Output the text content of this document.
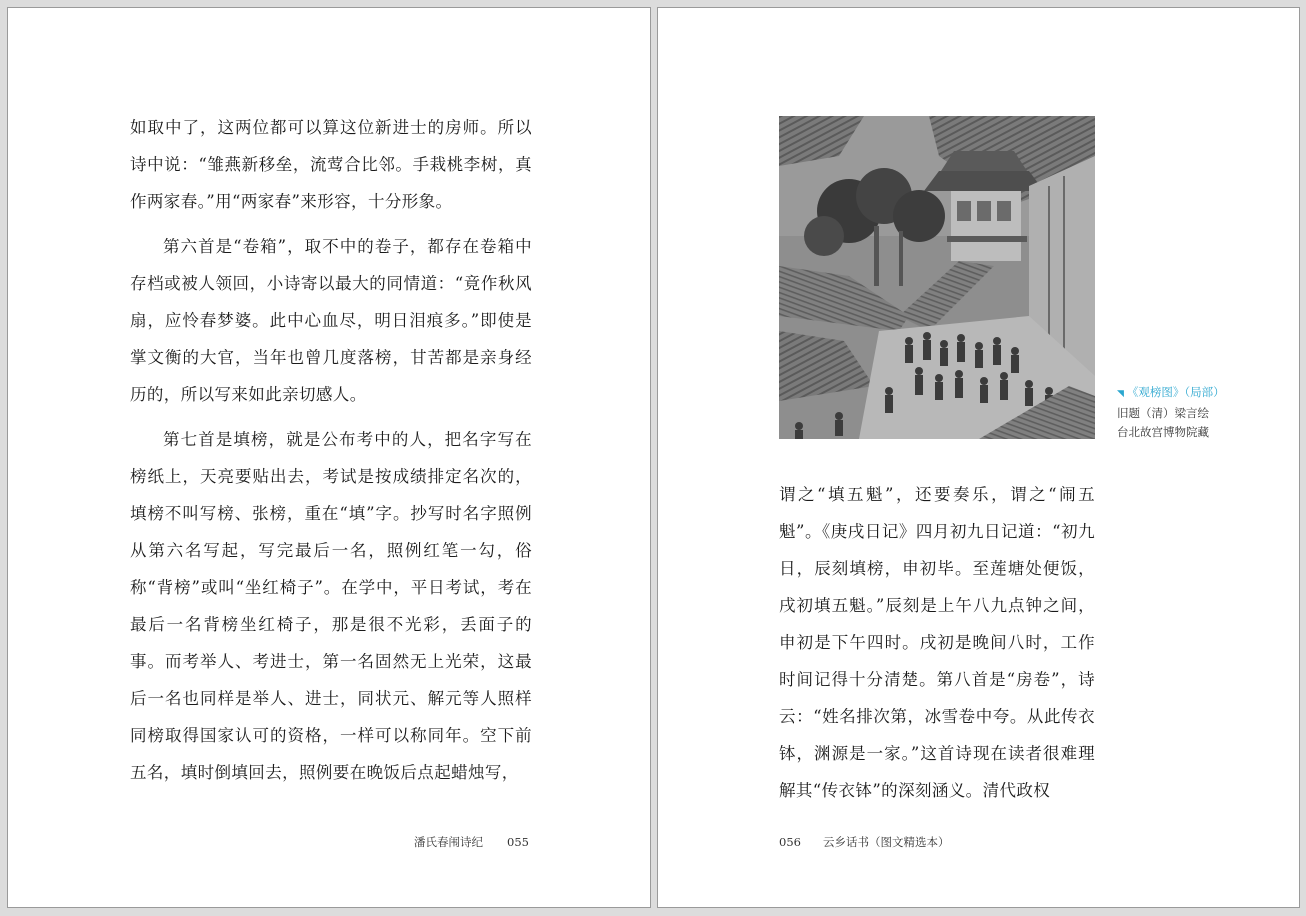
如取中了，这两位都可以算这位新进士的房师。所以诗中说：“雏燕新移垒，流莺合比邻。手栽桃李树，真作两家春。”用“两家春”来形容，十分形象。

第六首是“卷箱”，取不中的卷子，都存在卷箱中存档或被人领回，小诗寄以最大的同情道：“竟作秋风扇，应怜春梦婆。此中心血尽，明日泪痕多。”即使是掌文衡的大官，当年也曾几度落榜，甘苦都是亲身经历的，所以写来如此亲切感人。

第七首是填榜，就是公布考中的人，把名字写在榜纸上，天亮要贴出去，考试是按成绩排定名次的，填榜不叫写榜、张榜，重在“填”字。抄写时名字照例从第六名写起，写完最后一名，照例红笔一勾，俗称“背榜”或叫“坐红椅子”。在学中，平日考试，考在最后一名背榜坐红椅子，那是很不光彩，丢面子的事。而考举人、考进士，第一名固然无上光荣，这最后一名也同样是举人、进士，同状元、解元等人照样同榜取得国家认可的资格，一样可以称同年。空下前五名，填时倒填回去，照例要在晚饭后点起蜡烛写，

潘氏春闱诗纪 055
◥ 《观榜图》（局部）
旧题（清）梁言绘
台北故宫博物院藏

谓之“填五魁”，还要奏乐，谓之“闹五魁”。《庚戌日记》四月初九日记道：“初九日，辰刻填榜，申初毕。至莲塘处便饭，戌初填五魁。”辰刻是上午八九点钟之间，申初是下午四时。戌初是晚间八时，工作时间记得十分清楚。第八首是“房卷”，诗云：“姓名排次第，冰雪卷中夸。从此传衣钵，渊源是一家。”这首诗现在读者很难理解其“传衣钵”的深刻涵义。清代政权

056 云乡话书（图文精选本）
